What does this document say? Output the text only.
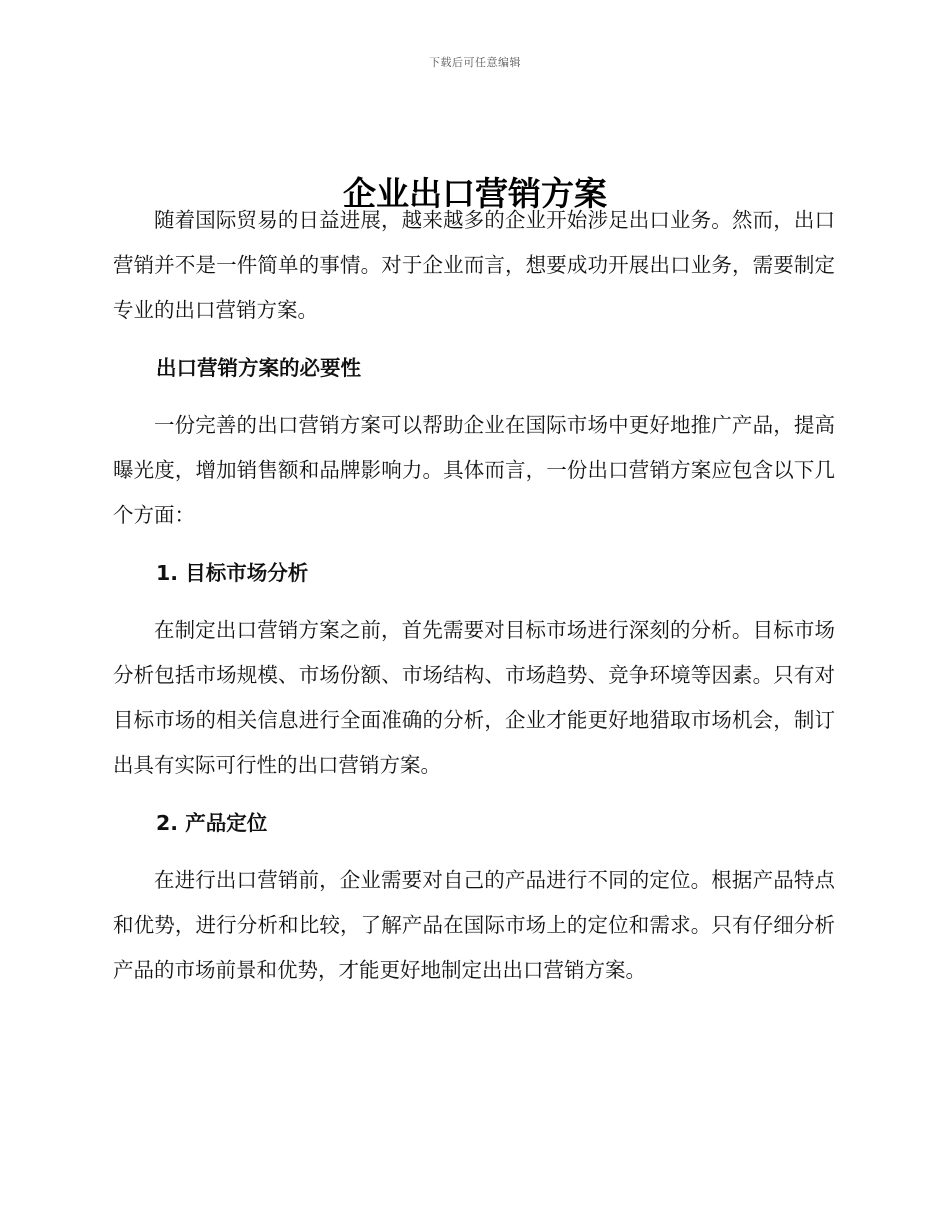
下载后可任意编辑
企业出口营销方案

随着国际贸易的日益进展，越来越多的企业开始涉足出口业务。然而，出口营销并不是一件简单的事情。对于企业而言，想要成功开展出口业务，需要制定专业的出口营销方案。

出口营销方案的必要性

一份完善的出口营销方案可以帮助企业在国际市场中更好地推广产品，提高曝光度，增加销售额和品牌影响力。具体而言，一份出口营销方案应包含以下几个方面：

1. 目标市场分析

在制定出口营销方案之前，首先需要对目标市场进行深刻的分析。目标市场分析包括市场规模、市场份额、市场结构、市场趋势、竞争环境等因素。只有对目标市场的相关信息进行全面准确的分析，企业才能更好地猎取市场机会，制订出具有实际可行性的出口营销方案。

2. 产品定位

在进行出口营销前，企业需要对自己的产品进行不同的定位。根据产品特点和优势，进行分析和比较，了解产品在国际市场上的定位和需求。只有仔细分析产品的市场前景和优势，才能更好地制定出出口营销方案。
